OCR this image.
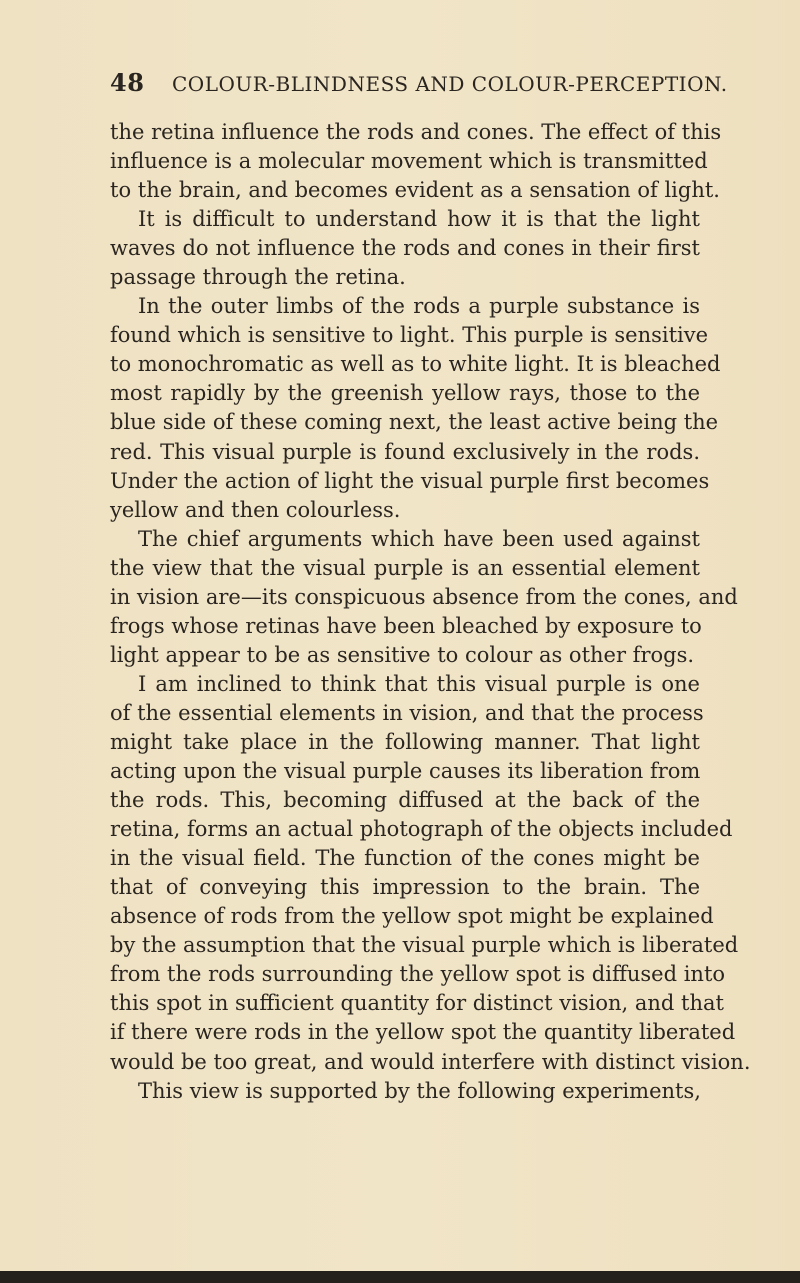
48 COLOUR-BLINDNESS AND COLOUR-PERCEPTION.
the retina influence the rods and cones. The effect of this
influence is a molecular movement which is transmitted
to the brain, and becomes evident as a sensation of light.
It is difficult to understand how it is that the light
waves do not influence the rods and cones in their first
passage through the retina.
In the outer limbs of the rods a purple substance is
found which is sensitive to light. This purple is sensitive
to monochromatic as well as to white light. It is bleached
most rapidly by the greenish yellow rays, those to the
blue side of these coming next, the least active being the
red. This visual purple is found exclusively in the rods.
Under the action of light the visual purple first becomes
yellow and then colourless.
The chief arguments which have been used against
the view that the visual purple is an essential element
in vision are—its conspicuous absence from the cones, and
frogs whose retinas have been bleached by exposure to
light appear to be as sensitive to colour as other frogs.
I am inclined to think that this visual purple is one
of the essential elements in vision, and that the process
might take place in the following manner. That light
acting upon the visual purple causes its liberation from
the rods. This, becoming diffused at the back of the
retina, forms an actual photograph of the objects included
in the visual field. The function of the cones might be
that of conveying this impression to the brain. The
absence of rods from the yellow spot might be explained
by the assumption that the visual purple which is liberated
from the rods surrounding the yellow spot is diffused into
this spot in sufficient quantity for distinct vision, and that
if there were rods in the yellow spot the quantity liberated
would be too great, and would interfere with distinct vision.
This view is supported by the following experiments,
